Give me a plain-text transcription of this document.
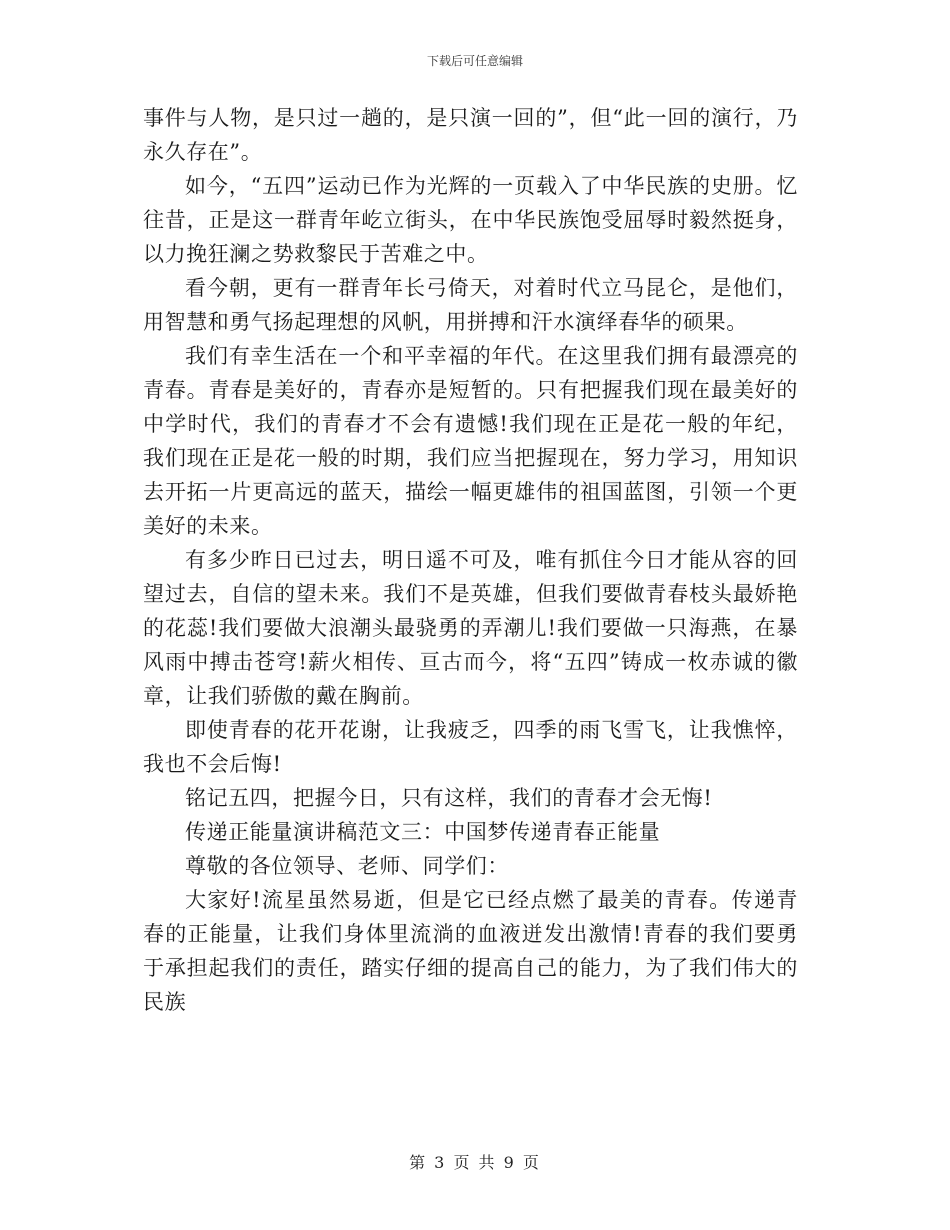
下载后可任意编辑

事件与人物，是只过一趟的，是只演一回的”，但“此一回的演行，乃永久存在”。

如今，“五四”运动已作为光辉的一页载入了中华民族的史册。忆往昔，正是这一群青年屹立街头，在中华民族饱受屈辱时毅然挺身，以力挽狂澜之势救黎民于苦难之中。

看今朝，更有一群青年长弓倚天，对着时代立马昆仑，是他们，用智慧和勇气扬起理想的风帆，用拼搏和汗水演绎春华的硕果。

我们有幸生活在一个和平幸福的年代。在这里我们拥有最漂亮的青春。青春是美好的，青春亦是短暂的。只有把握我们现在最美好的中学时代，我们的青春才不会有遗憾!我们现在正是花一般的年纪，我们现在正是花一般的时期，我们应当把握现在，努力学习，用知识去开拓一片更高远的蓝天，描绘一幅更雄伟的祖国蓝图，引领一个更美好的未来。

有多少昨日已过去，明日遥不可及，唯有抓住今日才能从容的回望过去，自信的望未来。我们不是英雄，但我们要做青春枝头最娇艳的花蕊!我们要做大浪潮头最骁勇的弄潮儿!我们要做一只海燕，在暴风雨中搏击苍穹!薪火相传、亘古而今，将“五四”铸成一枚赤诚的徽章，让我们骄傲的戴在胸前。

即使青春的花开花谢，让我疲乏，四季的雨飞雪飞，让我憔悴，我也不会后悔!

铭记五四，把握今日，只有这样，我们的青春才会无悔!

传递正能量演讲稿范文三：中国梦传递青春正能量

尊敬的各位领导、老师、同学们：

大家好!流星虽然易逝，但是它已经点燃了最美的青春。传递青春的正能量，让我们身体里流淌的血液迸发出激情!青春的我们要勇于承担起我们的责任，踏实仔细的提高自己的能力，为了我们伟大的民族

第 3 页 共 9 页
